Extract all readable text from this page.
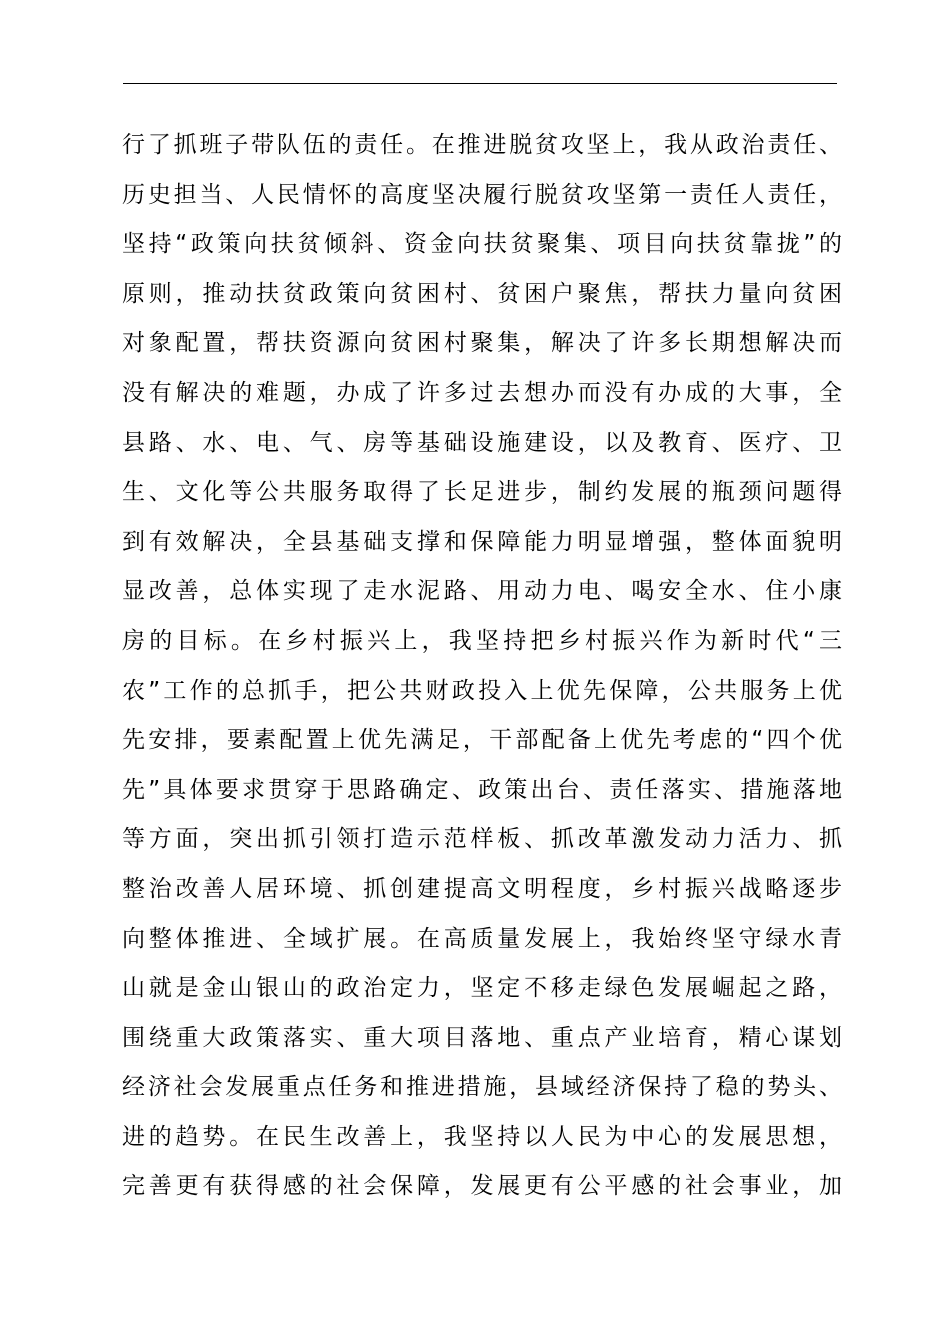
行了抓班子带队伍的责任。在推进脱贫攻坚上，我从政治责任、
历史担当、人民情怀的高度坚决履行脱贫攻坚第一责任人责任，
坚持“政策向扶贫倾斜、资金向扶贫聚集、项目向扶贫靠拢”的
原则，推动扶贫政策向贫困村、贫困户聚焦，帮扶力量向贫困
对象配置，帮扶资源向贫困村聚集，解决了许多长期想解决而
没有解决的难题，办成了许多过去想办而没有办成的大事，全
县路、水、电、气、房等基础设施建设，以及教育、医疗、卫
生、文化等公共服务取得了长足进步，制约发展的瓶颈问题得
到有效解决，全县基础支撑和保障能力明显增强，整体面貌明
显改善，总体实现了走水泥路、用动力电、喝安全水、住小康
房的目标。在乡村振兴上，我坚持把乡村振兴作为新时代“三
农”工作的总抓手，把公共财政投入上优先保障，公共服务上优
先安排，要素配置上优先满足，干部配备上优先考虑的“四个优
先”具体要求贯穿于思路确定、政策出台、责任落实、措施落地
等方面，突出抓引领打造示范样板、抓改革激发动力活力、抓
整治改善人居环境、抓创建提高文明程度，乡村振兴战略逐步
向整体推进、全域扩展。在高质量发展上，我始终坚守绿水青
山就是金山银山的政治定力，坚定不移走绿色发展崛起之路，
围绕重大政策落实、重大项目落地、重点产业培育，精心谋划
经济社会发展重点任务和推进措施，县域经济保持了稳的势头、
进的趋势。在民生改善上，我坚持以人民为中心的发展思想，
完善更有获得感的社会保障，发展更有公平感的社会事业，加
